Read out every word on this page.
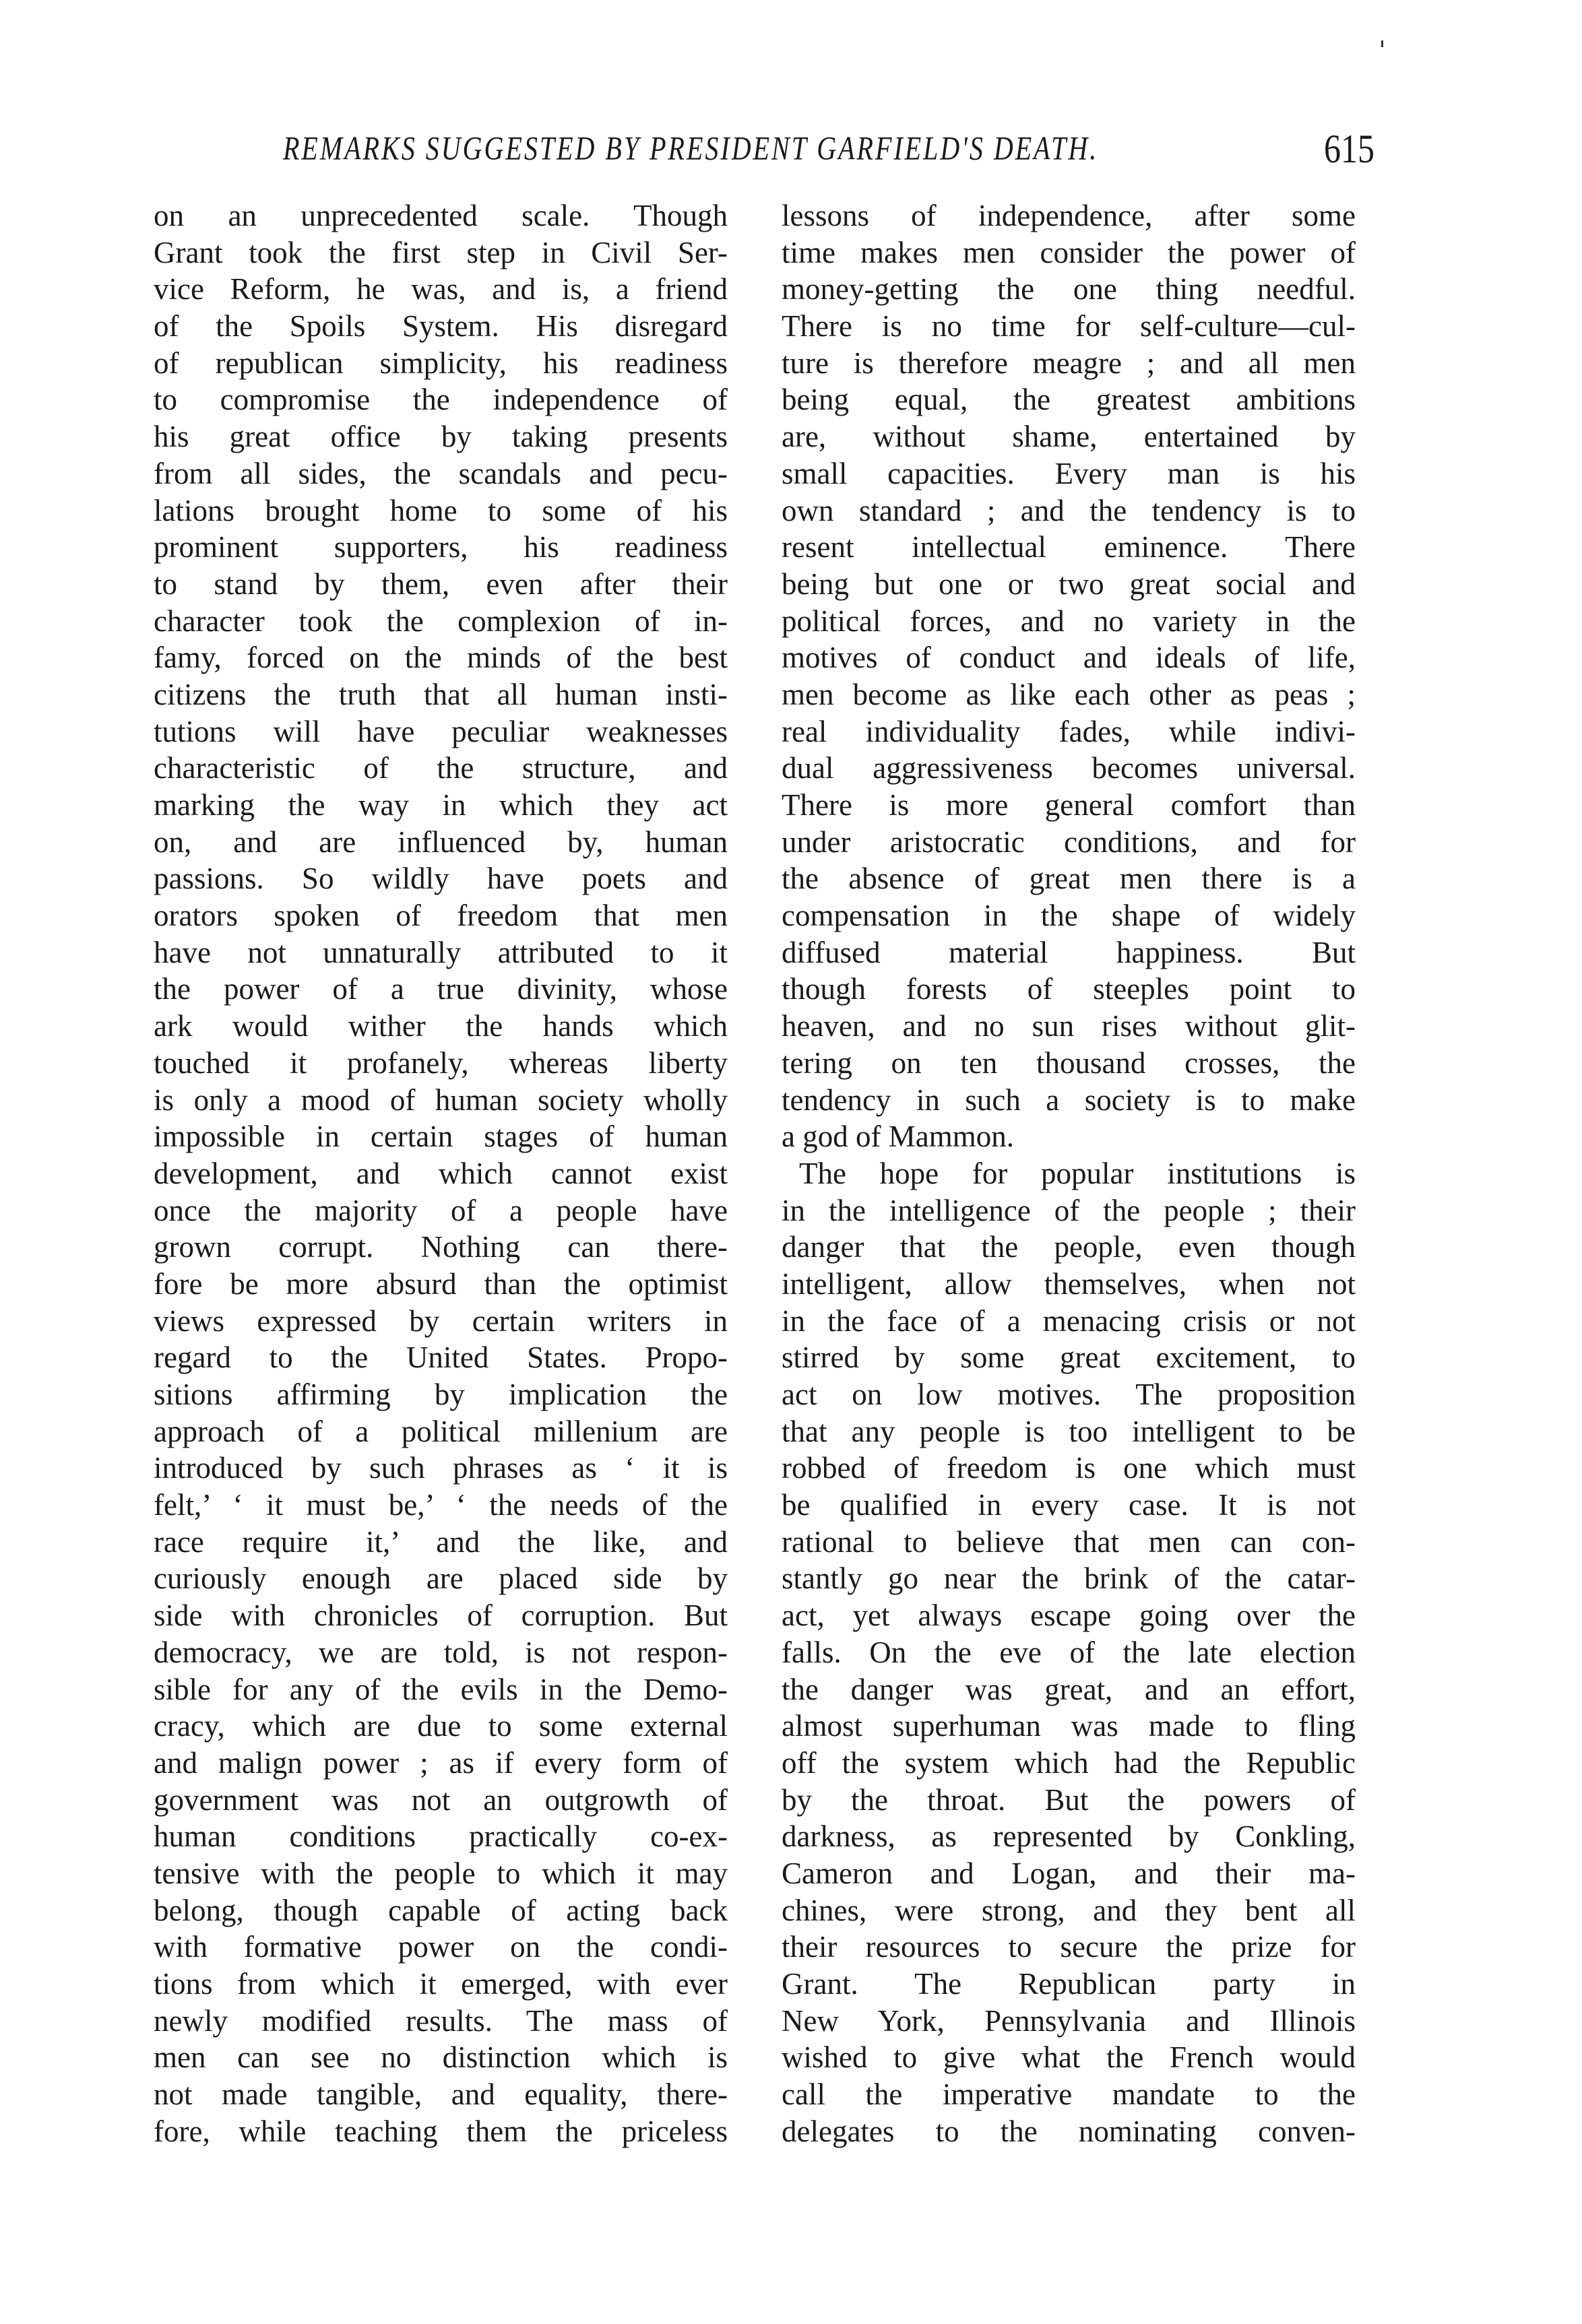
REMARKS SUGGESTED BY PRESIDENT GARFIELD'S DEATH.	615
on an unprecedented scale. Though
Grant took the first step in Civil Ser-
vice Reform, he was, and is, a friend
of the Spoils System. His disregard
of republican simplicity, his readiness
to compromise the independence of
his great office by taking presents
from all sides, the scandals and pecu-
lations brought home to some of his
prominent supporters, his readiness
to stand by them, even after their
character took the complexion of in-
famy, forced on the minds of the best
citizens the truth that all human insti-
tutions will have peculiar weaknesses
characteristic of the structure, and
marking the way in which they act
on, and are influenced by, human
passions. So wildly have poets and
orators spoken of freedom that men
have not unnaturally attributed to it
the power of a true divinity, whose
ark would wither the hands which
touched it profanely, whereas liberty
is only a mood of human society wholly
impossible in certain stages of human
development, and which cannot exist
once the majority of a people have
grown corrupt. Nothing can there-
fore be more absurd than the optimist
views expressed by certain writers in
regard to the United States. Propo-
sitions affirming by implication the
approach of a political millenium are
introduced by such phrases as ‘ it is
felt,’ ‘ it must be,’ ‘ the needs of the
race require it,’ and the like, and
curiously enough are placed side by
side with chronicles of corruption. But
democracy, we are told, is not respon-
sible for any of the evils in the Demo-
cracy, which are due to some external
and malign power ; as if every form of
government was not an outgrowth of
human conditions practically co-ex-
tensive with the people to which it may
belong, though capable of acting back
with formative power on the condi-
tions from which it emerged, with ever
newly modified results. The mass of
men can see no distinction which is
not made tangible, and equality, there-
fore, while teaching them the priceless
lessons of independence, after some
time makes men consider the power of
money-getting the one thing needful.
There is no time for self-culture—cul-
ture is therefore meagre ; and all men
being equal, the greatest ambitions
are, without shame, entertained by
small capacities. Every man is his
own standard ; and the tendency is to
resent intellectual eminence. There
being but one or two great social and
political forces, and no variety in the
motives of conduct and ideals of life,
men become as like each other as peas ;
real individuality fades, while indivi-
dual aggressiveness becomes universal.
There is more general comfort than
under aristocratic conditions, and for
the absence of great men there is a
compensation in the shape of widely
diffused material happiness. But
though forests of steeples point to
heaven, and no sun rises without glit-
tering on ten thousand crosses, the
tendency in such a society is to make
a god of Mammon.
The hope for popular institutions is
in the intelligence of the people ; their
danger that the people, even though
intelligent, allow themselves, when not
in the face of a menacing crisis or not
stirred by some great excitement, to
act on low motives. The proposition
that any people is too intelligent to be
robbed of freedom is one which must
be qualified in every case. It is not
rational to believe that men can con-
stantly go near the brink of the catar-
act, yet always escape going over the
falls. On the eve of the late election
the danger was great, and an effort,
almost superhuman was made to fling
off the system which had the Republic
by the throat. But the powers of
darkness, as represented by Conkling,
Cameron and Logan, and their ma-
chines, were strong, and they bent all
their resources to secure the prize for
Grant. The Republican party in
New York, Pennsylvania and Illinois
wished to give what the French would
call the imperative mandate to the
delegates to the nominating conven-
